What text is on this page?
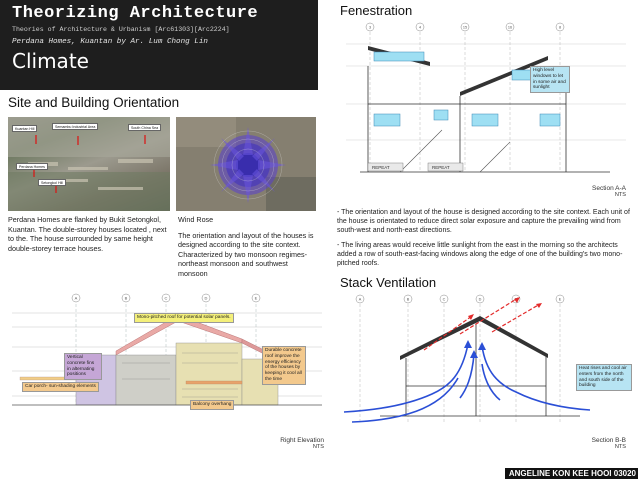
Theorizing Architecture
Theories of Architecture & Urbanism [Arc61303][Arc2224]
Perdana Homes, Kuantan by Ar. Lum Chong Lin
Climate
Site and Building Orientation
Fenestration
Stack Ventilation
Kuantan Hill	Semambu Industrial Area	South China Sea
Perdana Homes
Setongkol Hill
Perdana Homes are flanked by Bukit Setongkol, Kuantan. The double-storey houses located , next to the. The house surrounded by same height double-storey terrace houses.
Wind Rose
The orientation and layout of the houses is designed according to the site context. Characterized by two monsoon regimes- northeast monsoon and southwest monsoon
A	B	C	D	E
Mono-pitched roof for potential solar panels.
Vertical concrete fins in alternating positions
Car porch- sun-shading elements
Durable concrete roof improve the energy efficiency of the houses by keeping it cool all the time
Balcony overhang
Right Elevation
NTS
3	4	15	16	8
REPEAT	REPEAT
High level windows to let in some air and sunlight
Section A-A
NTS
- The orientation and layout of the house is designed according to the site context. Each unit of the house is orientated to reduce direct solar exposure and capture the prevailing wind from south-west and north-east directions.
- The living areas would receive little sunlight from the east in the morning so the architects added a row of south-east-facing windows along the edge of one of the building's two mono-pitched roofs.
A	B	C	D	E
Heat rises and cool air enters from the north and south side of the building
Section B-B
NTS
ANGELINE KON KEE HOOI 03020
